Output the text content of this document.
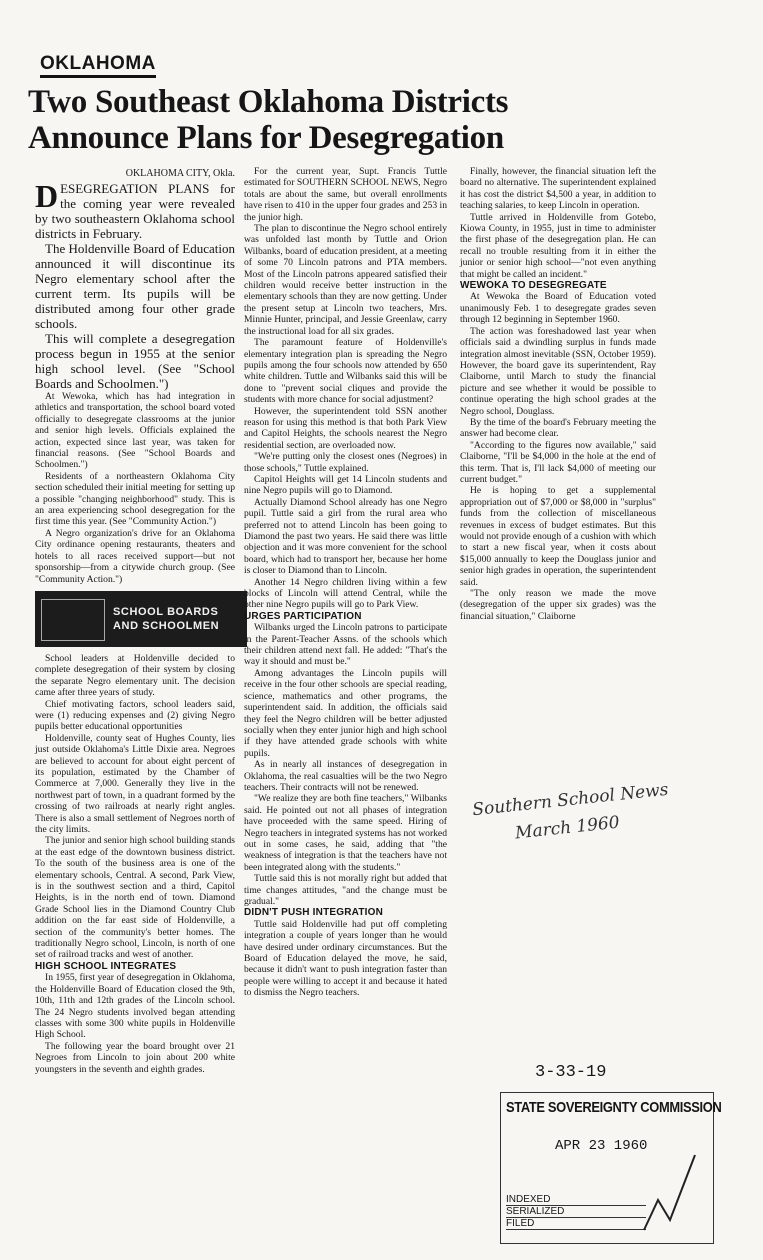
OKLAHOMA
Two Southeast Oklahoma Districts
Announce Plans for Desegregation

OKLAHOMA CITY, Okla.

DESEGREGATION PLANS for the coming year were revealed by two southeastern Oklahoma school districts in February.

The Holdenville Board of Education announced it will discontinue its Negro elementary school after the current term. Its pupils will be distributed among four other grade schools.

This will complete a desegregation process begun in 1955 at the senior high school level. (See "School Boards and Schoolmen.")

At Wewoka, which has had integration in athletics and transportation, the school board voted officially to desegregate classrooms at the junior and senior high levels. Officials explained the action, expected since last year, was taken for financial reasons. (See "School Boards and Schoolmen.")

Residents of a northeastern Oklahoma City section scheduled their initial meeting for setting up a possible "changing neighborhood" study. This is an area experiencing school desegregation for the first time this year. (See "Community Action.")

A Negro organization's drive for an Oklahoma City ordinance opening restaurants, theaters and hotels to all races received support—but not sponsorship—from a citywide church group. (See "Community Action.")

SCHOOL BOARDS
AND SCHOOLMEN

School leaders at Holdenville decided to complete desegregation of their system by closing the separate Negro elementary unit. The decision came after three years of study.

Chief motivating factors, school leaders said, were (1) reducing expenses and (2) giving Negro pupils better educational opportunities

Holdenville, county seat of Hughes County, lies just outside Oklahoma's Little Dixie area. Negroes are believed to account for about eight percent of its population, estimated by the Chamber of Commerce at 7,000. Generally they live in the northwest part of town, in a quadrant formed by the crossing of two railroads at nearly right angles. There is also a small settlement of Negroes north of the city limits.

The junior and senior high school building stands at the east edge of the downtown business district. To the south of the business area is one of the elementary schools, Central. A second, Park View, is in the southwest section and a third, Capitol Heights, is in the north end of town. Diamond Grade School lies in the Diamond Country Club addition on the far east side of Holdenville, a section of the community's better homes. The traditionally Negro school, Lincoln, is north of one set of railroad tracks and west of another.

HIGH SCHOOL INTEGRATES

In 1955, first year of desegregation in Oklahoma, the Holdenville Board of Education closed the 9th, 10th, 11th and 12th grades of the Lincoln school. The 24 Negro students involved began attending classes with some 300 white pupils in Holdenville High School.

The following year the board brought over 21 Negroes from Lincoln to join about 200 white youngsters in the seventh and eighth grades.

For the current year, Supt. Francis Tuttle estimated for SOUTHERN SCHOOL NEWS, Negro totals are about the same, but overall enrollments have risen to 410 in the upper four grades and 253 in the junior high.

The plan to discontinue the Negro school entirely was unfolded last month by Tuttle and Orion Wilbanks, board of education president, at a meeting of some 70 Lincoln patrons and PTA members. Most of the Lincoln patrons appeared satisfied their children would receive better instruction in the elementary schools than they are now getting. Under the present setup at Lincoln two teachers, Mrs. Minnie Hunter, principal, and Jessie Greenlaw, carry the instructional load for all six grades.

The paramount feature of Holdenville's elementary integration plan is spreading the Negro pupils among the four schools now attended by 650 white children. Tuttle and Wilbanks said this will be done to "prevent social cliques and provide the students with more chance for social adjustment?

However, the superintendent told SSN another reason for using this method is that both Park View and Capitol Heights, the schools nearest the Negro residential section, are overloaded now.

"We're putting only the closest ones (Negroes) in those schools," Tuttle explained.

Capitol Heights will get 14 Lincoln students and nine Negro pupils will go to Diamond.

Actually Diamond School already has one Negro pupil. Tuttle said a girl from the rural area who preferred not to attend Lincoln has been going to Diamond the past two years. He said there was little objection and it was more convenient for the school board, which had to transport her, because her home is closer to Diamond than to Lincoln.

Another 14 Negro children living within a few blocks of Lincoln will attend Central, while the other nine Negro pupils will go to Park View.

URGES PARTICIPATION

Wilbanks urged the Lincoln patrons to participate in the Parent-Teacher Assns. of the schools which their children attend next fall. He added: "That's the way it should and must be."

Among advantages the Lincoln pupils will receive in the four other schools are special reading, science, mathematics and other programs, the superintendent said. In addition, the officials said they feel the Negro children will be better adjusted socially when they enter junior high and high school if they have attended grade schools with white pupils.

As in nearly all instances of desegregation in Oklahoma, the real casualties will be the two Negro teachers. Their contracts will not be renewed.

"We realize they are both fine teachers," Wilbanks said. He pointed out not all phases of integration have proceeded with the same speed. Hiring of Negro teachers in integrated systems has not worked out in some cases, he said, adding that "the weakness of integration is that the teachers have not been integrated along with the students."

Tuttle said this is not morally right but added that time changes attitudes, "and the change must be gradual."

DIDN'T PUSH INTEGRATION

Tuttle said Holdenville had put off completing integration a couple of years longer than he would have desired under ordinary circumstances. But the Board of Education delayed the move, he said, because it didn't want to push integration faster than people were willing to accept it and because it hated to dismiss the Negro teachers.

Finally, however, the financial situation left the board no alternative. The superintendent explained it has cost the district $4,500 a year, in addition to teaching salaries, to keep Lincoln in operation.

Tuttle arrived in Holdenville from Gotebo, Kiowa County, in 1955, just in time to administer the first phase of the desegregation plan. He can recall no trouble resulting from it in either the junior or senior high school—"not even anything that might be called an incident."

WEWOKA TO DESEGREGATE

At Wewoka the Board of Education voted unanimously Feb. 1 to desegregate grades seven through 12 beginning in September 1960.

The action was foreshadowed last year when officials said a dwindling surplus in funds made integration almost inevitable (SSN, October 1959). However, the board gave its superintendent, Ray Claiborne, until March to study the financial picture and see whether it would be possible to continue operating the high school grades at the Negro school, Douglass.

By the time of the board's February meeting the answer had become clear.

"According to the figures now available," said Claiborne, "I'll be $4,000 in the hole at the end of this term. That is, I'll lack $4,000 of meeting our current budget."

He is hoping to get a supplemental appropriation out of $7,000 or $8,000 in "surplus" funds from the collection of miscellaneous revenues in excess of budget estimates. But this would not provide enough of a cushion with which to start a new fiscal year, when it costs about $15,000 annually to keep the Douglass junior and senior high grades in operation, the superintendent said.

"The only reason we made the move (desegregation of the upper six grades) was the financial situation," Claiborne

Southern School News
March 1960
3-33-19
STATE SOVEREIGNTY COMMISSION
APR 23 1960
INDEXED
SERIALIZED
FILED
